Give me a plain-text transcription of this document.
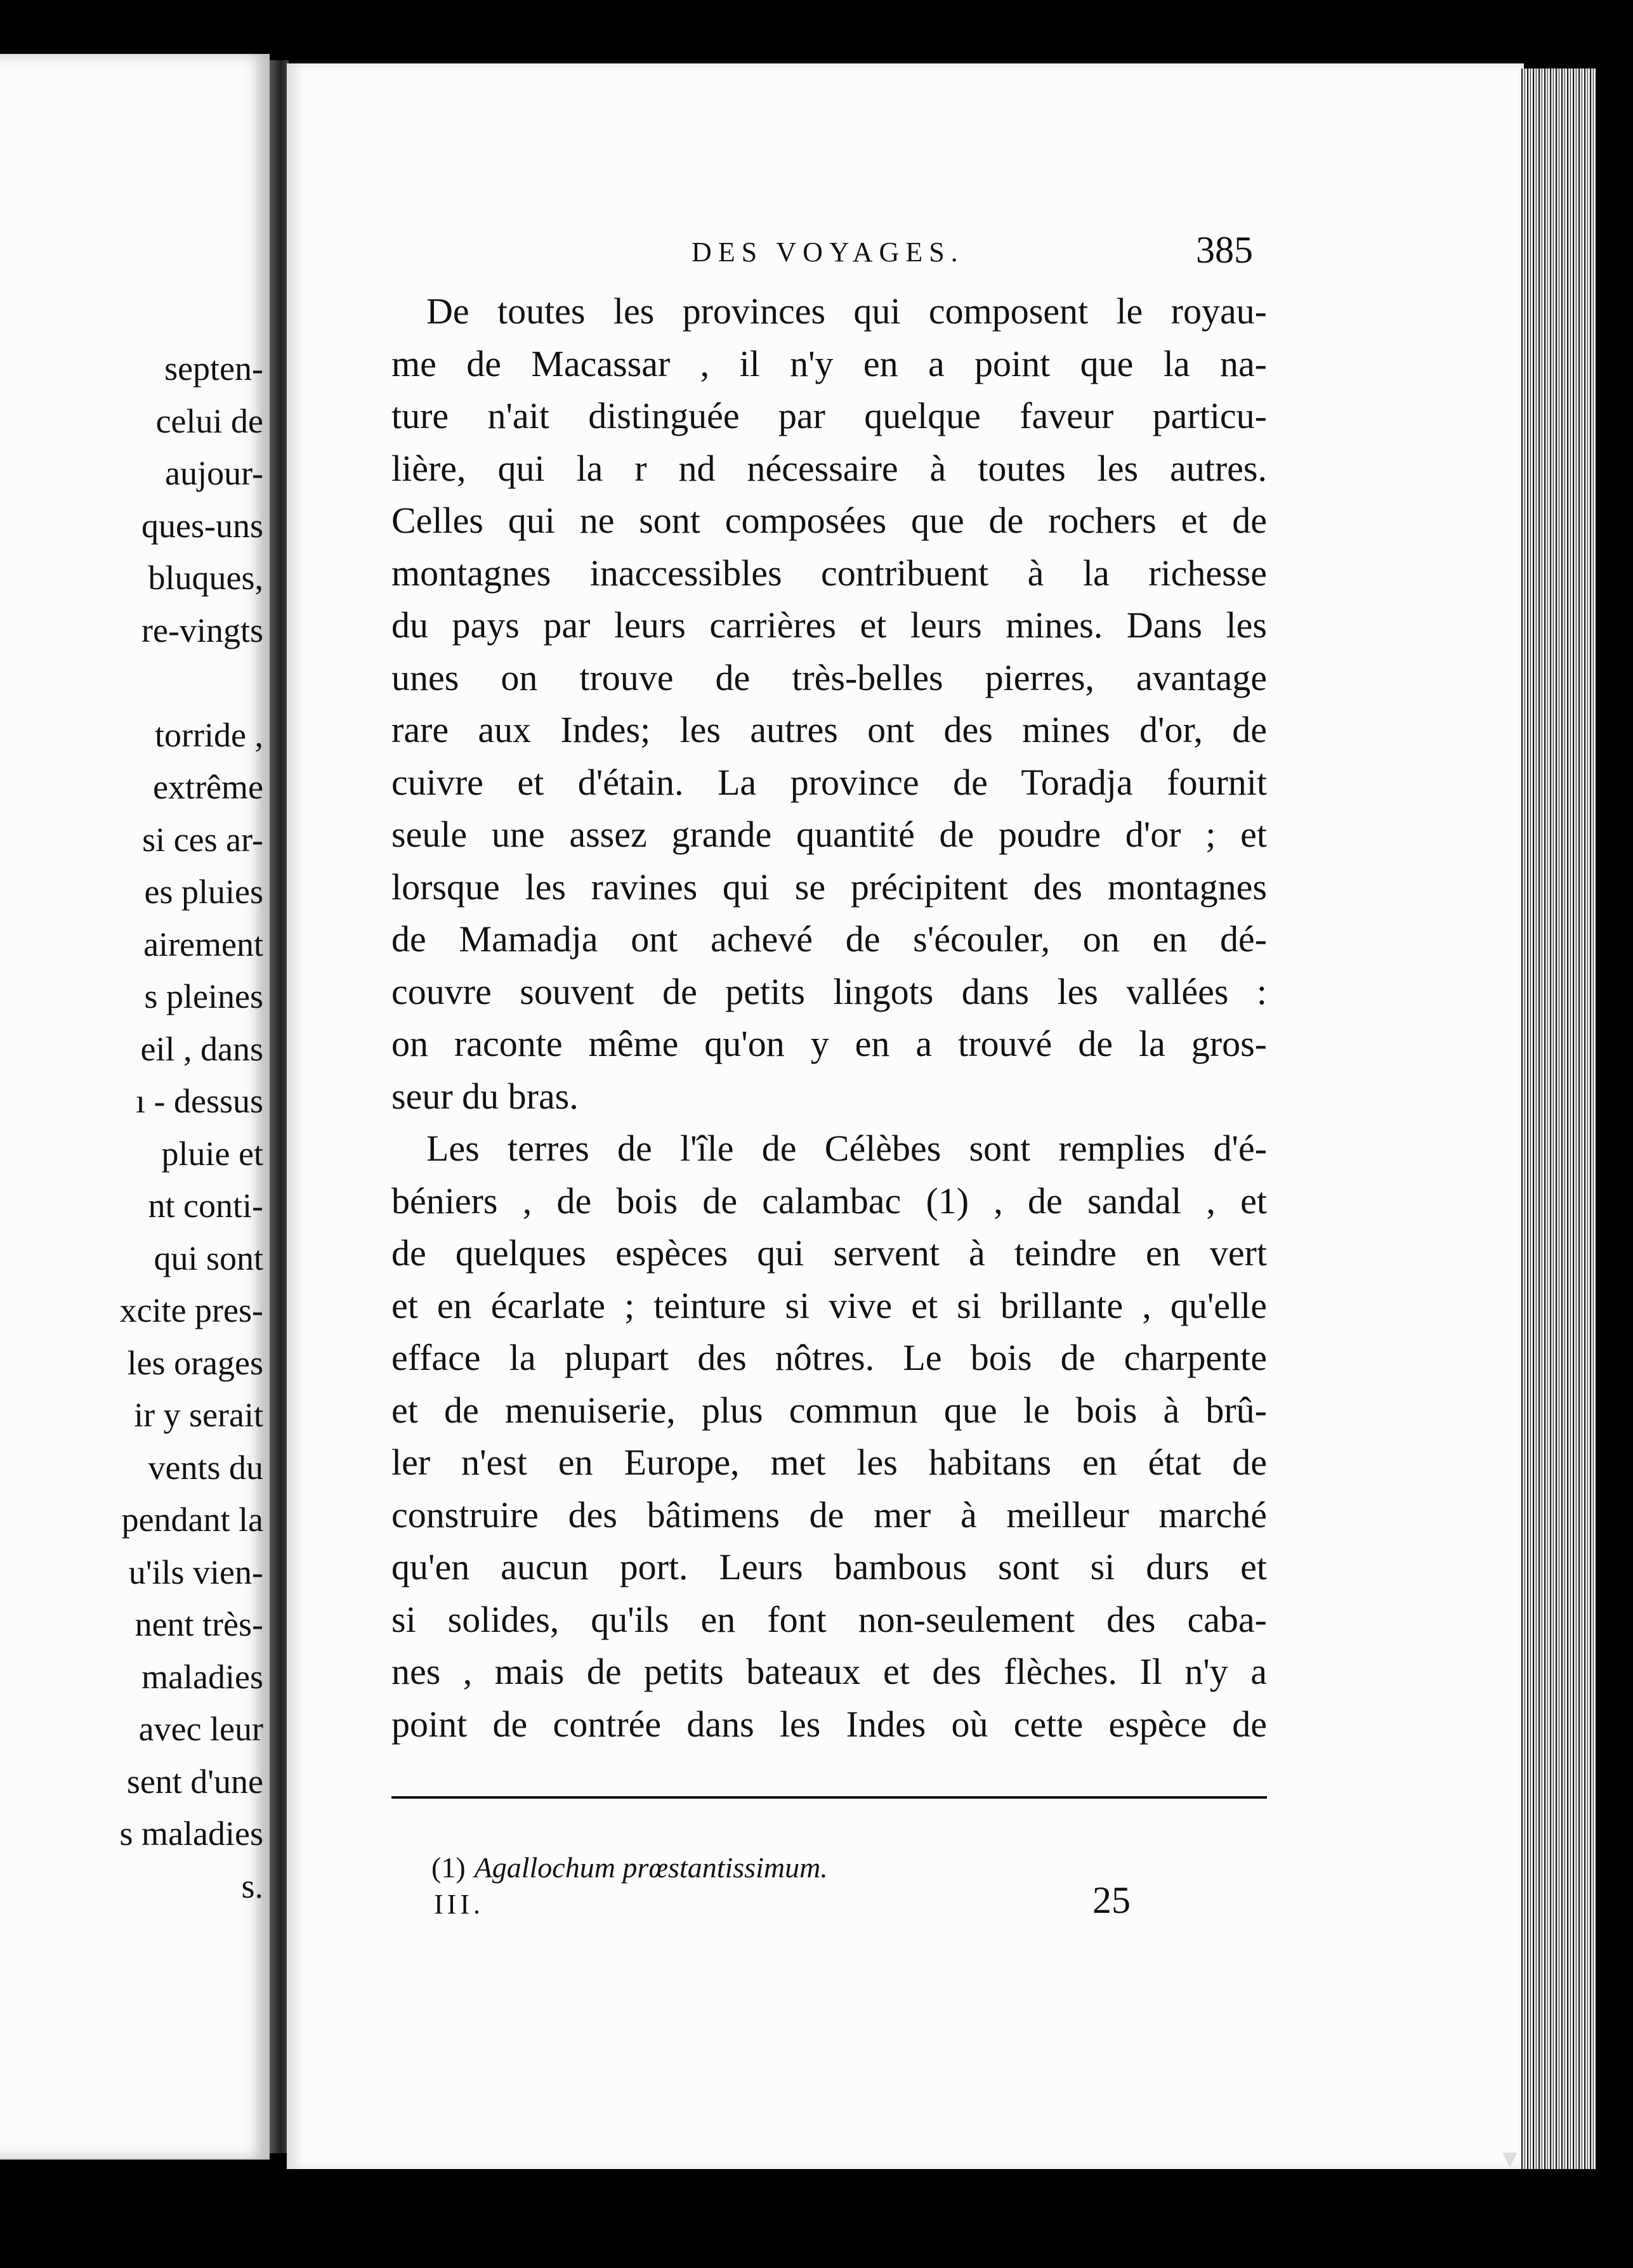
septen-
celui de
aujour-
ques-uns
bluques,
re-vingts
torride ,
extrême
si ces ar-
es pluies
airement
s pleines
eil , dans
ı - dessus
pluie et
nt conti-
qui sont
xcite pres-
les orages
ir y serait
vents du
pendant la
u'ils vien-
nent très-
maladies
avec leur
sent d'une
s maladies
s.
DES VOYAGES.	385
De toutes les provinces qui composent le royau-
me de Macassar , il n'y en a point que la na-
ture n'ait distinguée par quelque faveur particu-
lière, qui la r nd nécessaire à toutes les autres.
Celles qui ne sont composées que de rochers et de
montagnes inaccessibles contribuent à la richesse
du pays par leurs carrières et leurs mines. Dans les
unes on trouve de très-belles pierres, avantage
rare aux Indes; les autres ont des mines d'or, de
cuivre et d'étain. La province de Toradja fournit
seule une assez grande quantité de poudre d'or ; et
lorsque les ravines qui se précipitent des montagnes
de Mamadja ont achevé de s'écouler, on en dé-
couvre souvent de petits lingots dans les vallées :
on raconte même qu'on y en a trouvé de la gros-
seur du bras.
Les terres de l'île de Célèbes sont remplies d'é-
béniers , de bois de calambac (1) , de sandal , et
de quelques espèces qui servent à teindre en vert
et en écarlate ; teinture si vive et si brillante , qu'elle
efface la plupart des nôtres. Le bois de charpente
et de menuiserie, plus commun que le bois à brû-
ler n'est en Europe, met les habitans en état de
construire des bâtimens de mer à meilleur marché
qu'en aucun port. Leurs bambous sont si durs et
si solides, qu'ils en font non-seulement des caba-
nes , mais de petits bateaux et des flèches. Il n'y a
point de contrée dans les Indes où cette espèce de
(1) Agallochum prœstantissimum.
III.	25
▼
